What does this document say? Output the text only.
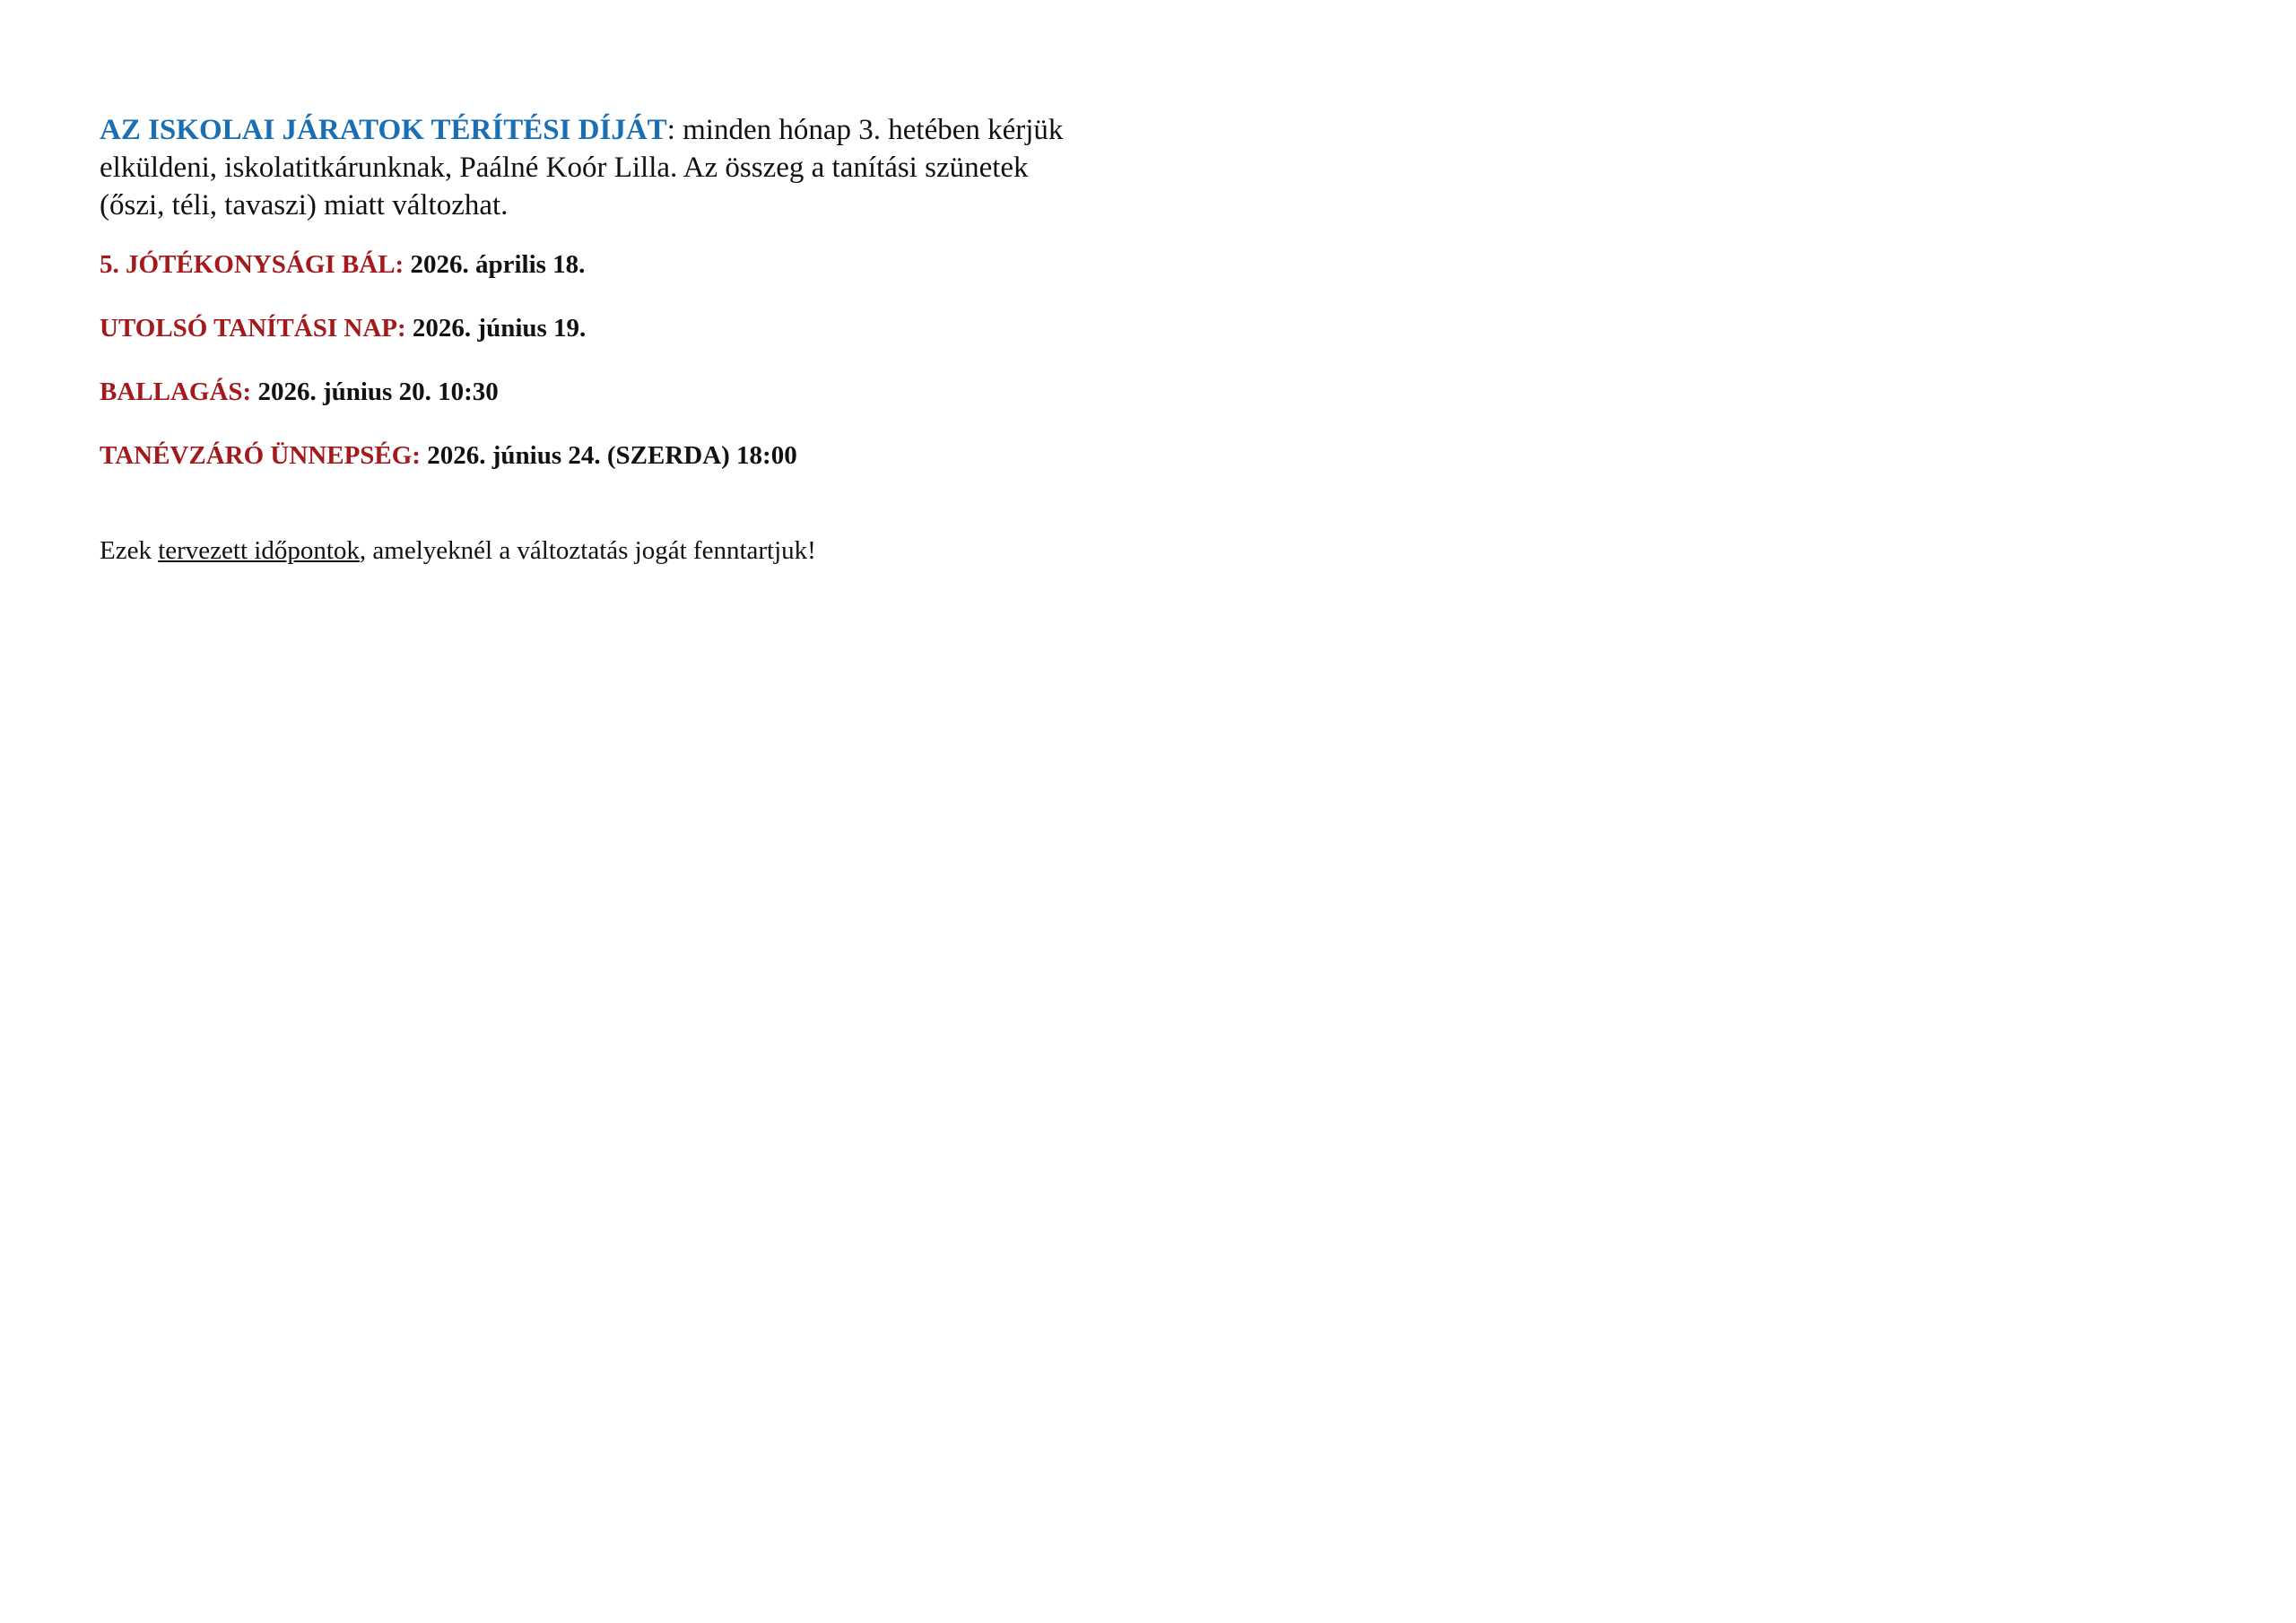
AZ ISKOLAI JÁRATOK TÉRÍTÉSI DÍJÁT: minden hónap 3. hetében kérjük
elküldeni, iskolatitkárunknak, Paálné Koór Lilla. Az összeg a tanítási szünetek
(őszi, téli, tavaszi) miatt változhat.

5. JÓTÉKONYSÁGI BÁL: 2026. április 18.

UTOLSÓ TANÍTÁSI NAP: 2026. június 19.

BALLAGÁS: 2026. június 20. 10:30

TANÉVZÁRÓ ÜNNEPSÉG: 2026. június 24. (SZERDA) 18:00

Ezek tervezett időpontok, amelyeknél a változtatás jogát fenntartjuk!
